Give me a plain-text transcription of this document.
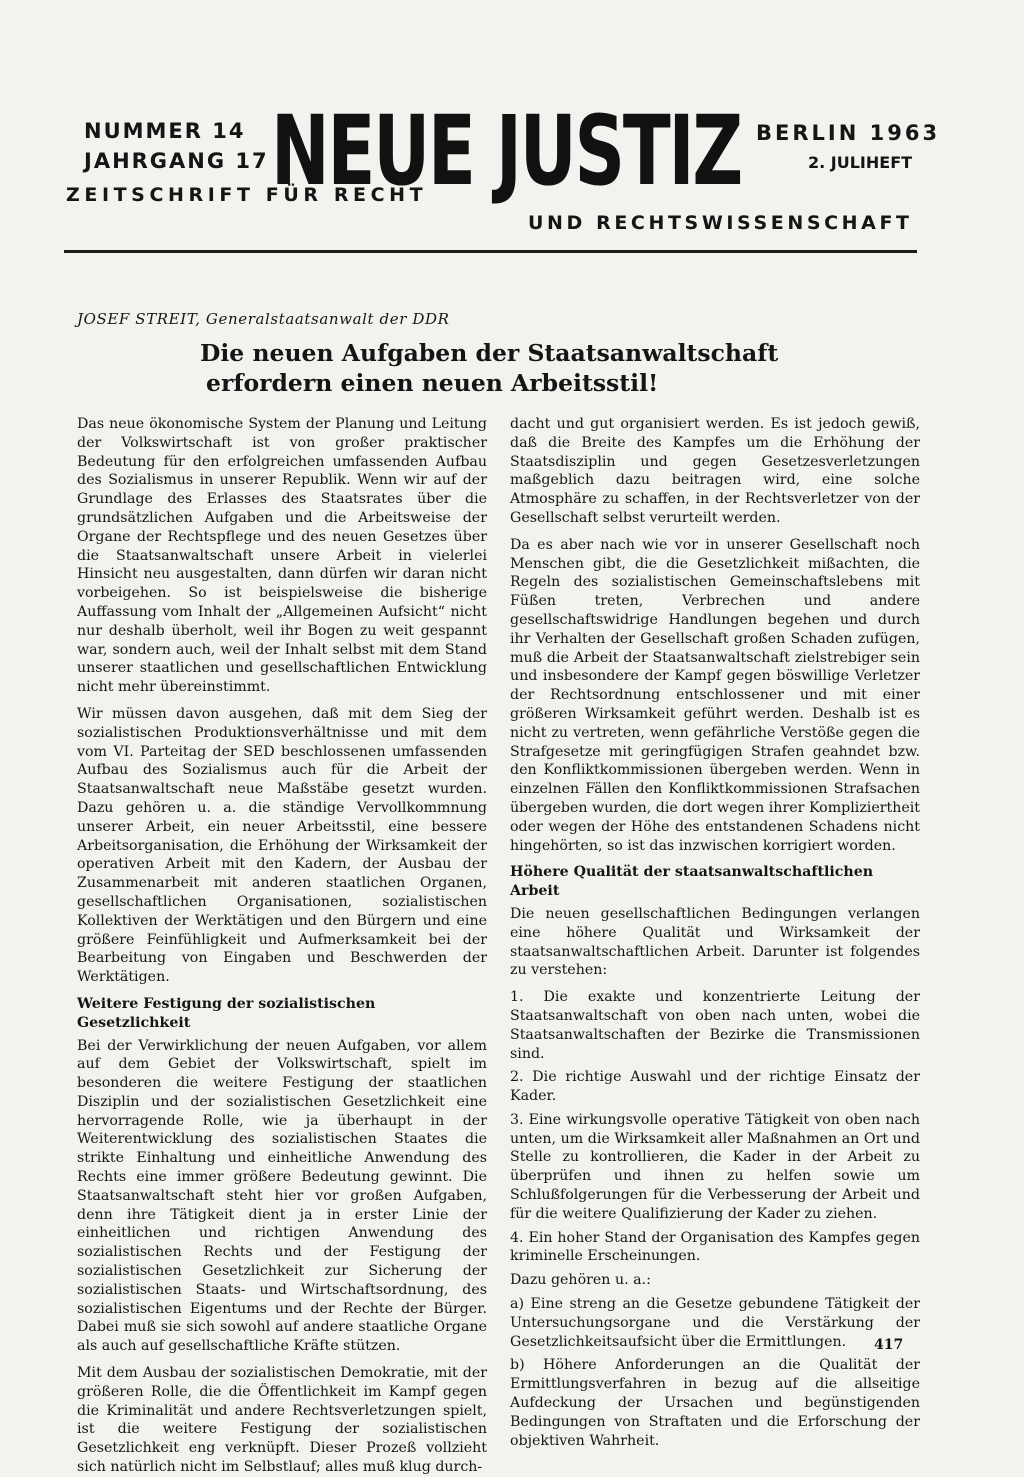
NUMMER 14
JAHRGANG 17 NEUE JUSTIZ BERLIN 1963
2. JULIHEFT
ZEITSCHRIFT FÜR RECHT
UND RECHTSWISSENSCHAFT
JOSEF STREIT, Generalstaatsanwalt der DDR
Die neuen Aufgaben der Staatsanwaltschaft
erfordern einen neuen Arbeitsstil!

Das neue ökonomische System der Planung und Leitung der Volkswirtschaft ist von großer praktischer Bedeutung für den erfolgreichen umfassenden Aufbau des Sozialismus in unserer Republik. Wenn wir auf der Grundlage des Erlasses des Staatsrates über die grundsätzlichen Aufgaben und die Arbeitsweise der Organe der Rechtspflege und des neuen Gesetzes über die Staatsanwaltschaft unsere Arbeit in vielerlei Hinsicht neu ausgestalten, dann dürfen wir daran nicht vorbeigehen. So ist beispielsweise die bisherige Auffassung vom Inhalt der „Allgemeinen Aufsicht“ nicht nur deshalb überholt, weil ihr Bogen zu weit gespannt war, sondern auch, weil der Inhalt selbst mit dem Stand unserer staatlichen und gesellschaftlichen Entwicklung nicht mehr übereinstimmt.

Wir müssen davon ausgehen, daß mit dem Sieg der sozialistischen Produktionsverhältnisse und mit dem vom VI. Parteitag der SED beschlossenen umfassenden Aufbau des Sozialismus auch für die Arbeit der Staatsanwaltschaft neue Maßstäbe gesetzt wurden. Dazu gehören u. a. die ständige Vervollkommnung unserer Arbeit, ein neuer Arbeitsstil, eine bessere Arbeitsorganisation, die Erhöhung der Wirksamkeit der operativen Arbeit mit den Kadern, der Ausbau der Zusammenarbeit mit anderen staatlichen Organen, gesellschaftlichen Organisationen, sozialistischen Kollektiven der Werktätigen und den Bürgern und eine größere Feinfühligkeit und Aufmerksamkeit bei der Bearbeitung von Eingaben und Beschwerden der Werktätigen.

Weitere Festigung der sozialistischen Gesetzlichkeit

Bei der Verwirklichung der neuen Aufgaben, vor allem auf dem Gebiet der Volkswirtschaft, spielt im besonderen die weitere Festigung der staatlichen Disziplin und der sozialistischen Gesetzlichkeit eine hervorragende Rolle, wie ja überhaupt in der Weiterentwicklung des sozialistischen Staates die strikte Einhaltung und einheitliche Anwendung des Rechts eine immer größere Bedeutung gewinnt. Die Staatsanwaltschaft steht hier vor großen Aufgaben, denn ihre Tätigkeit dient ja in erster Linie der einheitlichen und richtigen Anwendung des sozialistischen Rechts und der Festigung der sozialistischen Gesetzlichkeit zur Sicherung der sozialistischen Staats- und Wirtschaftsordnung, des sozialistischen Eigentums und der Rechte der Bürger. Dabei muß sie sich sowohl auf andere staatliche Organe als auch auf gesellschaftliche Kräfte stützen.

Mit dem Ausbau der sozialistischen Demokratie, mit der größeren Rolle, die die Öffentlichkeit im Kampf gegen die Kriminalität und andere Rechtsverletzungen spielt, ist die weitere Festigung der sozialistischen Gesetzlichkeit eng verknüpft. Dieser Prozeß vollzieht sich natürlich nicht im Selbstlauf; alles muß klug durch-

dacht und gut organisiert werden. Es ist jedoch gewiß, daß die Breite des Kampfes um die Erhöhung der Staatsdisziplin und gegen Gesetzesverletzungen maßgeblich dazu beitragen wird, eine solche Atmosphäre zu schaffen, in der Rechtsverletzer von der Gesellschaft selbst verurteilt werden.

Da es aber nach wie vor in unserer Gesellschaft noch Menschen gibt, die die Gesetzlichkeit mißachten, die Regeln des sozialistischen Gemeinschaftslebens mit Füßen treten, Verbrechen und andere gesellschaftswidrige Handlungen begehen und durch ihr Verhalten der Gesellschaft großen Schaden zufügen, muß die Arbeit der Staatsanwaltschaft zielstrebiger sein und insbesondere der Kampf gegen böswillige Verletzer der Rechtsordnung entschlossener und mit einer größeren Wirksamkeit geführt werden. Deshalb ist es nicht zu vertreten, wenn gefährliche Verstöße gegen die Strafgesetze mit geringfügigen Strafen geahndet bzw. den Konfliktkommissionen übergeben werden. Wenn in einzelnen Fällen den Konfliktkommissionen Strafsachen übergeben wurden, die dort wegen ihrer Kompliziertheit oder wegen der Höhe des entstandenen Schadens nicht hingehörten, so ist das inzwischen korrigiert worden.

Höhere Qualität der staatsanwaltschaftlichen Arbeit

Die neuen gesellschaftlichen Bedingungen verlangen eine höhere Qualität und Wirksamkeit der staatsanwaltschaftlichen Arbeit. Darunter ist folgendes zu verstehen:

1. Die exakte und konzentrierte Leitung der Staatsanwaltschaft von oben nach unten, wobei die Staatsanwaltschaften der Bezirke die Transmissionen sind.

2. Die richtige Auswahl und der richtige Einsatz der Kader.

3. Eine wirkungsvolle operative Tätigkeit von oben nach unten, um die Wirksamkeit aller Maßnahmen an Ort und Stelle zu kontrollieren, die Kader in der Arbeit zu überprüfen und ihnen zu helfen sowie um Schlußfolgerungen für die Verbesserung der Arbeit und für die weitere Qualifizierung der Kader zu ziehen.

4. Ein hoher Stand der Organisation des Kampfes gegen kriminelle Erscheinungen.

Dazu gehören u. a.:

a) Eine streng an die Gesetze gebundene Tätigkeit der Untersuchungsorgane und die Verstärkung der Gesetzlichkeitsaufsicht über die Ermittlungen.

b) Höhere Anforderungen an die Qualität der Ermittlungsverfahren in bezug auf die allseitige Aufdeckung der Ursachen und begünstigenden Bedingungen von Straftaten und die Erforschung der objektiven Wahrheit.

417
